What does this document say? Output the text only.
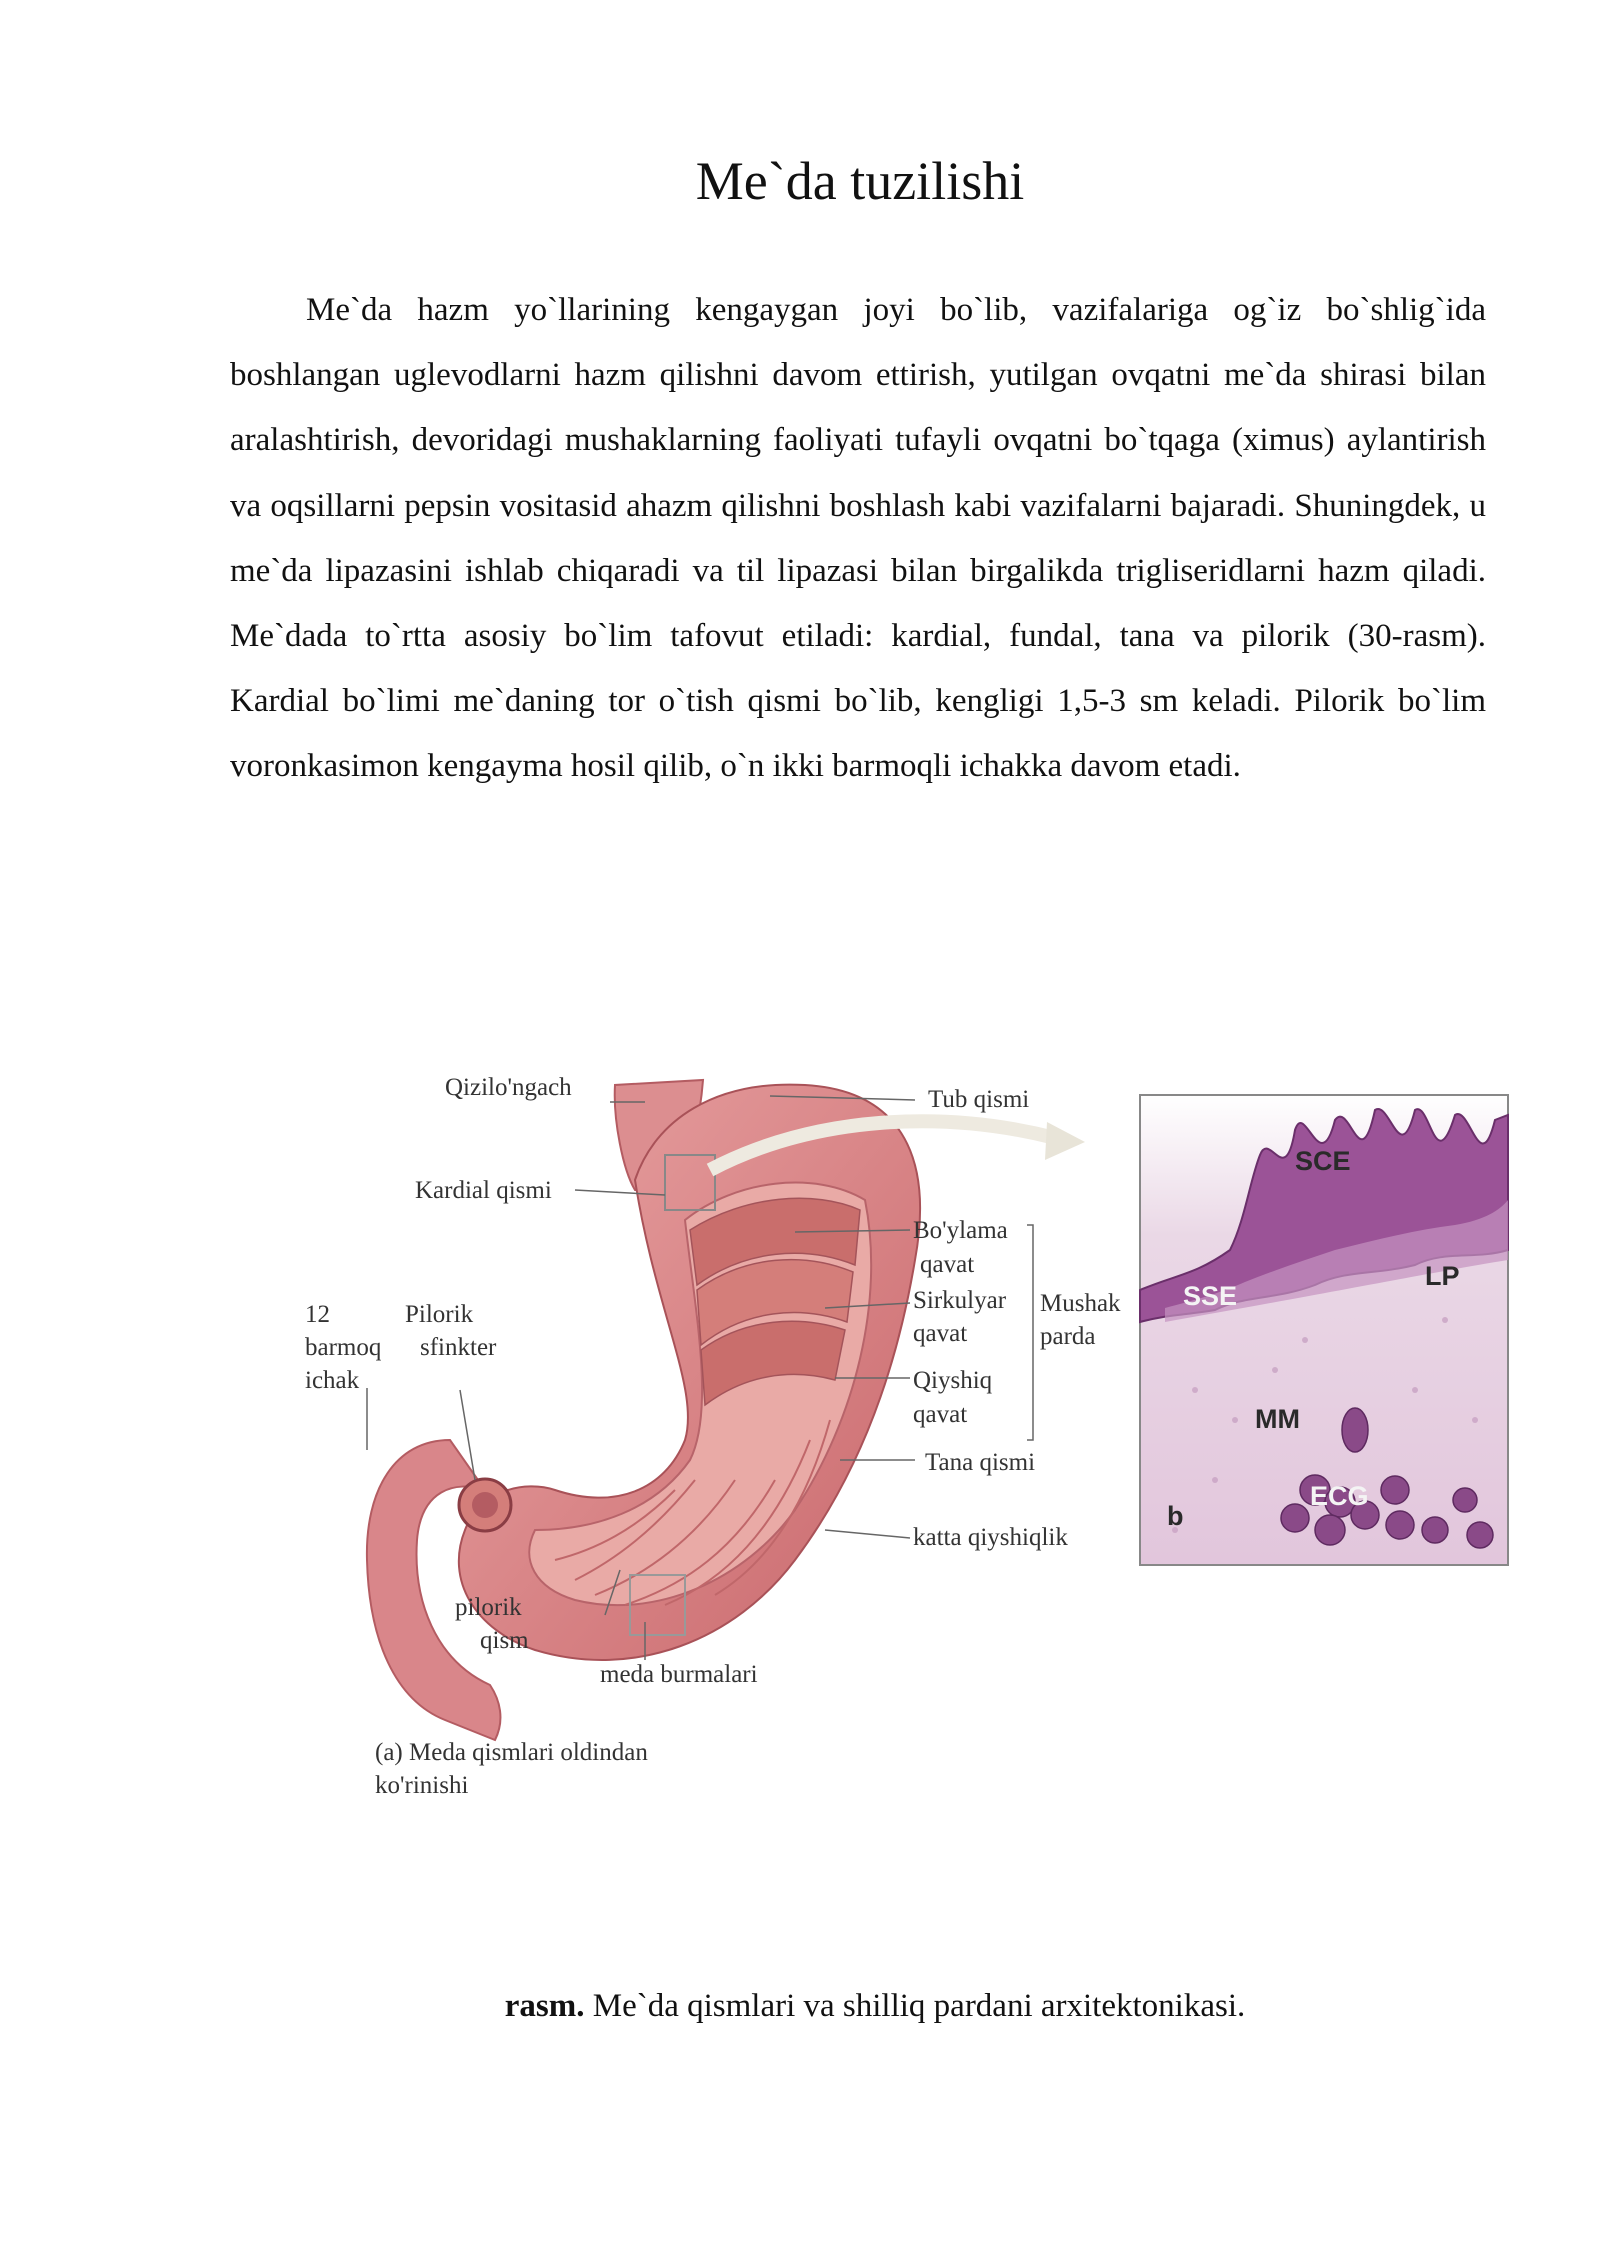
Me`da tuzilishi

Me`da hazm yo`llarining kengaygan joyi bo`lib, vazifalariga og`iz bo`shlig`ida boshlangan uglevodlarni hazm qilishni davom ettirish, yutilgan ovqatni me`da shirasi bilan aralashtirish, devoridagi mushaklarning faoliyati tufayli ovqatni bo`tqaga (ximus) aylantirish va oqsillarni pepsin vositasid ahazm qilishni boshlash kabi vazifalarni bajaradi. Shuningdek, u me`da lipazasini ishlab chiqaradi va til lipazasi bilan birgalikda trigliseridlarni hazm qiladi. Me`dada to`rtta asosiy bo`lim tafovut etiladi: kardial, fundal, tana va pilorik (30-rasm). Kardial bo`limi me`daning tor o`tish qismi bo`lib, kengligi 1,5-3 sm keladi. Pilorik bo`lim voronkasimon kengayma hosil qilib, o`n ikki barmoqli ichakka davom etadi.

SCE
SSE
LP
MM
ECG
b
Qizilo'ngach
Kardial qismi
Tub qismi
12
barmoq
ichak
Pilorik
sfinkter
Bo'ylama
qavat
Sirkulyar
qavat
Mushak
parda
Qiyshiq
qavat
Tana qismi
katta qiyshiqlik
pilorik
qism
meda burmalari
(a) Meda qismlari oldindan
ko'rinishi

rasm. Me`da qismlari va shilliq pardani arxitektonikasi.
